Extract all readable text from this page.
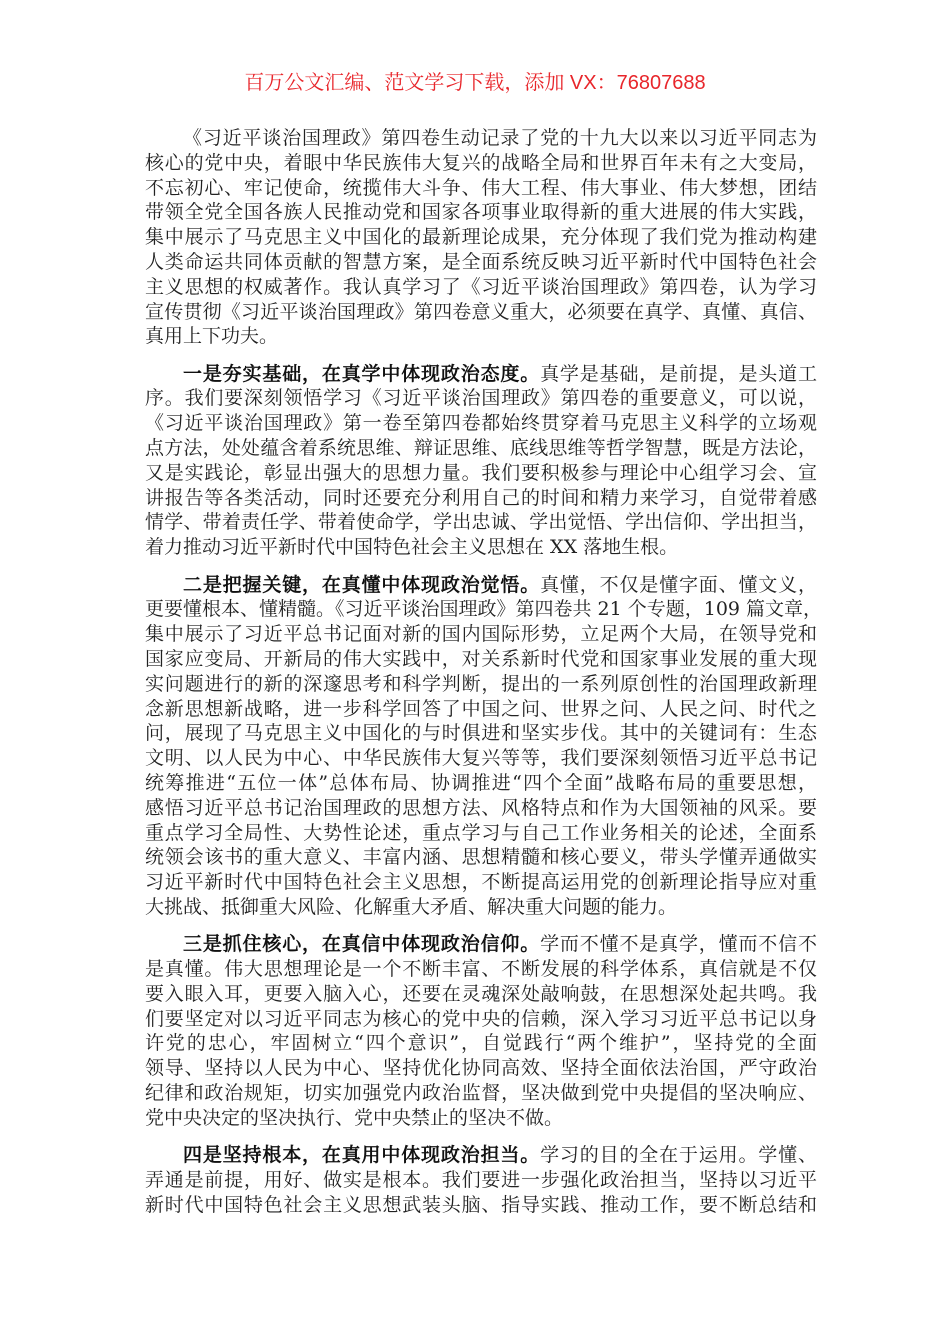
百万公文汇编、范文学习下载，添加 VX：76807688
《习近平谈治国理政》第四卷生动记录了党的十九大以来以习近平同志为
核心的党中央，着眼中华民族伟大复兴的战略全局和世界百年未有之大变局，
不忘初心、牢记使命，统揽伟大斗争、伟大工程、伟大事业、伟大梦想，团结
带领全党全国各族人民推动党和国家各项事业取得新的重大进展的伟大实践，
集中展示了马克思主义中国化的最新理论成果，充分体现了我们党为推动构建
人类命运共同体贡献的智慧方案，是全面系统反映习近平新时代中国特色社会
主义思想的权威著作。我认真学习了《习近平谈治国理政》第四卷，认为学习
宣传贯彻《习近平谈治国理政》第四卷意义重大，必须要在真学、真懂、真信、
真用上下功夫。
一是夯实基础，在真学中体现政治态度。真学是基础，是前提，是头道工
序。我们要深刻领悟学习《习近平谈治国理政》第四卷的重要意义，可以说，
《习近平谈治国理政》第一卷至第四卷都始终贯穿着马克思主义科学的立场观
点方法，处处蕴含着系统思维、辩证思维、底线思维等哲学智慧，既是方法论，
又是实践论，彰显出强大的思想力量。我们要积极参与理论中心组学习会、宣
讲报告等各类活动，同时还要充分利用自己的时间和精力来学习，自觉带着感
情学、带着责任学、带着使命学，学出忠诚、学出觉悟、学出信仰、学出担当，
着力推动习近平新时代中国特色社会主义思想在 XX 落地生根。
二是把握关键，在真懂中体现政治觉悟。真懂，不仅是懂字面、懂文义，
更要懂根本、懂精髓。《习近平谈治国理政》第四卷共 21 个专题，109 篇文章，
集中展示了习近平总书记面对新的国内国际形势，立足两个大局，在领导党和
国家应变局、开新局的伟大实践中，对关系新时代党和国家事业发展的重大现
实问题进行的新的深邃思考和科学判断，提出的一系列原创性的治国理政新理
念新思想新战略，进一步科学回答了中国之问、世界之问、人民之问、时代之
问，展现了马克思主义中国化的与时俱进和坚实步伐。其中的关键词有：生态
文明、以人民为中心、中华民族伟大复兴等等，我们要深刻领悟习近平总书记
统筹推进“五位一体”总体布局、协调推进“四个全面”战略布局的重要思想，
感悟习近平总书记治国理政的思想方法、风格特点和作为大国领袖的风采。要
重点学习全局性、大势性论述，重点学习与自己工作业务相关的论述，全面系
统领会该书的重大意义、丰富内涵、思想精髓和核心要义，带头学懂弄通做实
习近平新时代中国特色社会主义思想，不断提高运用党的创新理论指导应对重
大挑战、抵御重大风险、化解重大矛盾、解决重大问题的能力。
三是抓住核心，在真信中体现政治信仰。学而不懂不是真学，懂而不信不
是真懂。伟大思想理论是一个不断丰富、不断发展的科学体系，真信就是不仅
要入眼入耳，更要入脑入心，还要在灵魂深处敲响鼓，在思想深处起共鸣。我
们要坚定对以习近平同志为核心的党中央的信赖，深入学习习近平总书记以身
许党的忠心，牢固树立“四个意识”，自觉践行“两个维护”，坚持党的全面
领导、坚持以人民为中心、坚持优化协同高效、坚持全面依法治国，严守政治
纪律和政治规矩，切实加强党内政治监督，坚决做到党中央提倡的坚决响应、
党中央决定的坚决执行、党中央禁止的坚决不做。
四是坚持根本，在真用中体现政治担当。学习的目的全在于运用。学懂、
弄通是前提，用好、做实是根本。我们要进一步强化政治担当，坚持以习近平
新时代中国特色社会主义思想武装头脑、指导实践、推动工作，要不断总结和
